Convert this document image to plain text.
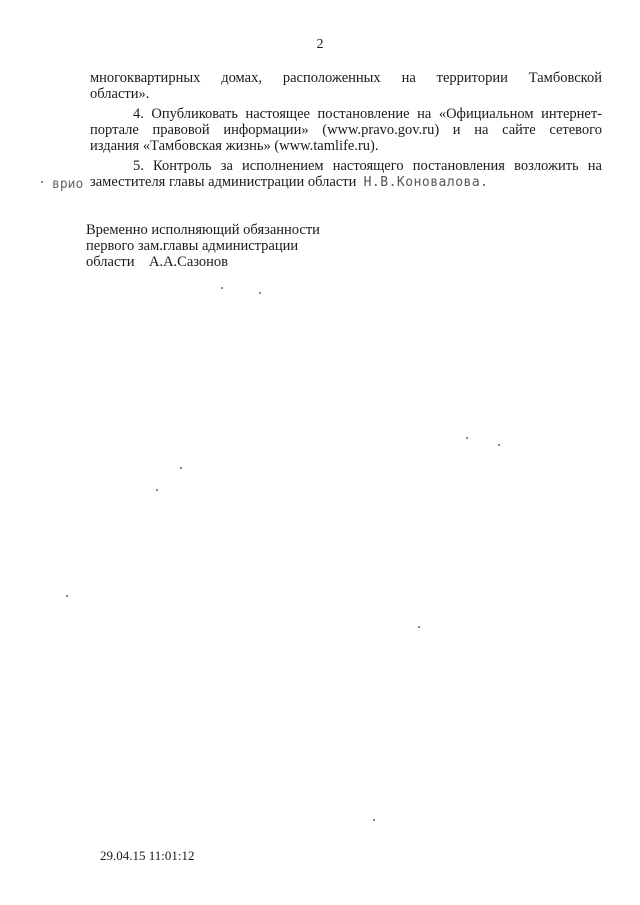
2
многоквартирных домах, расположенных на территории Тамбовской
области».
4. Опубликовать настоящее постановление на «Официальном интернет-
портале правовой информации» (www.pravo.gov.ru) и на сайте сетевого
издания «Тамбовская жизнь» (www.tamlife.ru).
5. Контроль за исполнением настоящего постановления возложить на
заместителя главы администрации области Н.В.Коновалова.
врио
Временно исполняющий обязанности
первого зам.главы администрации
области А.А.Сазонов
29.04.15 11:01:12
